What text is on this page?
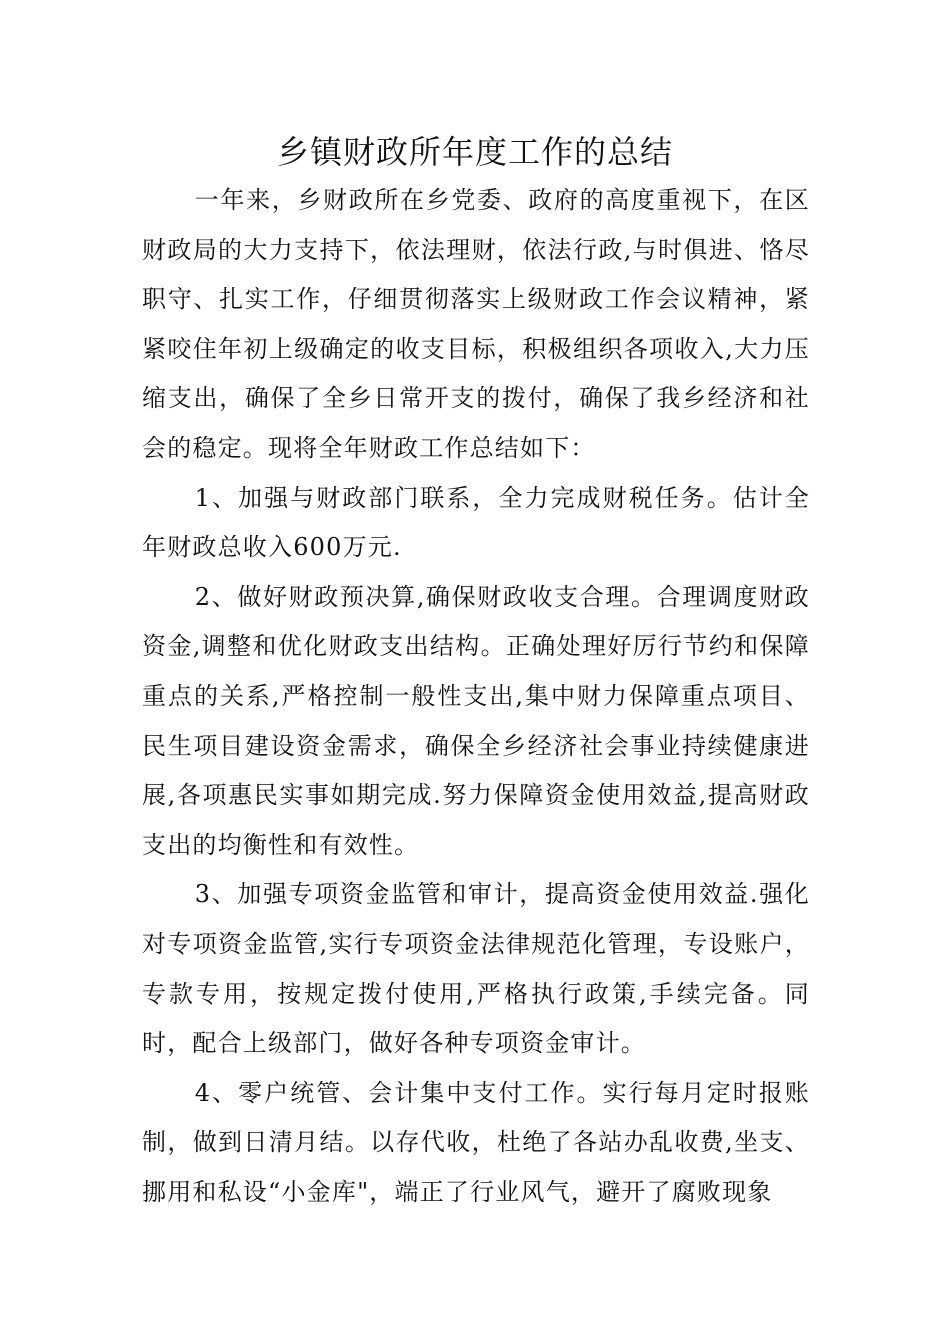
乡镇财政所年度工作的总结

一年来，乡财政所在乡党委、政府的高度重视下，在区财政局的大力支持下，依法理财，依法行政,与时俱进、恪尽职守、扎实工作，仔细贯彻落实上级财政工作会议精神，紧紧咬住年初上级确定的收支目标，积极组织各项收入,大力压缩支出，确保了全乡日常开支的拨付，确保了我乡经济和社会的稳定。现将全年财政工作总结如下：

1、加强与财政部门联系，全力完成财税任务。估计全年财政总收入600万元.

2、做好财政预决算,确保财政收支合理。合理调度财政资金,调整和优化财政支出结构。正确处理好厉行节约和保障重点的关系,严格控制一般性支出,集中财力保障重点项目、民生项目建设资金需求，确保全乡经济社会事业持续健康进展,各项惠民实事如期完成.努力保障资金使用效益,提高财政支出的均衡性和有效性。

3、加强专项资金监管和审计，提高资金使用效益.强化对专项资金监管,实行专项资金法律规范化管理，专设账户，专款专用，按规定拨付使用,严格执行政策,手续完备。同时，配合上级部门，做好各种专项资金审计。

4、零户统管、会计集中支付工作。实行每月定时报账制，做到日清月结。以存代收，杜绝了各站办乱收费,坐支、挪用和私设“小金库"，端正了行业风气，避开了腐败现象
